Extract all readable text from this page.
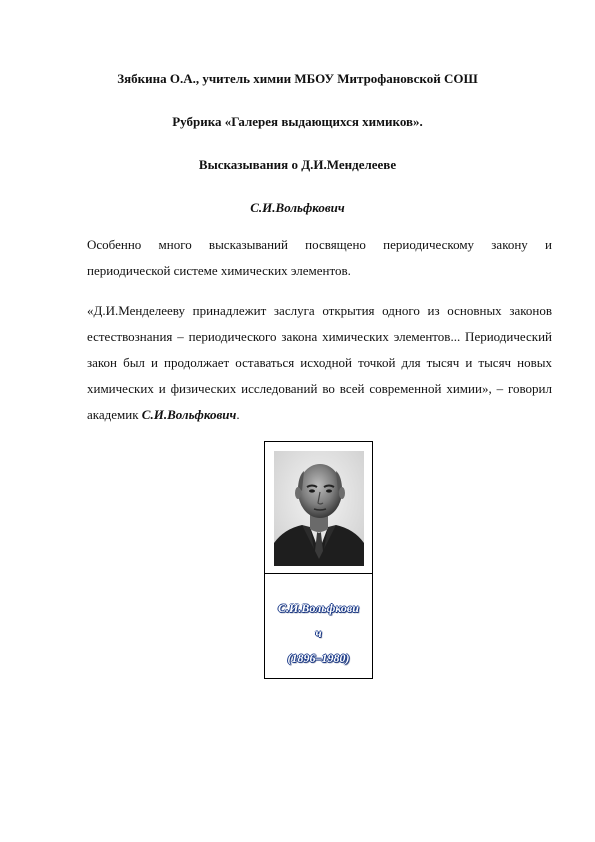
Зябкина О.А., учитель химии МБОУ Митрофановской СОШ
Рубрика «Галерея выдающихся химиков».
Высказывания о Д.И.Менделееве
С.И.Вольфкович

Особенно много высказываний посвящено периодическому закону и периодической системе химических элементов.

«Д.И.Менделееву принадлежит заслуга открытия одного из основных законов естествознания – периодического закона химических элементов... Периодический закон был и продолжает оставаться исходной точкой для тысяч и тысяч новых химических и физических исследований во всей современной химии», – говорил академик С.И.Вольфкович.

С.И.Вольфкови
ч
(1896–1980)
